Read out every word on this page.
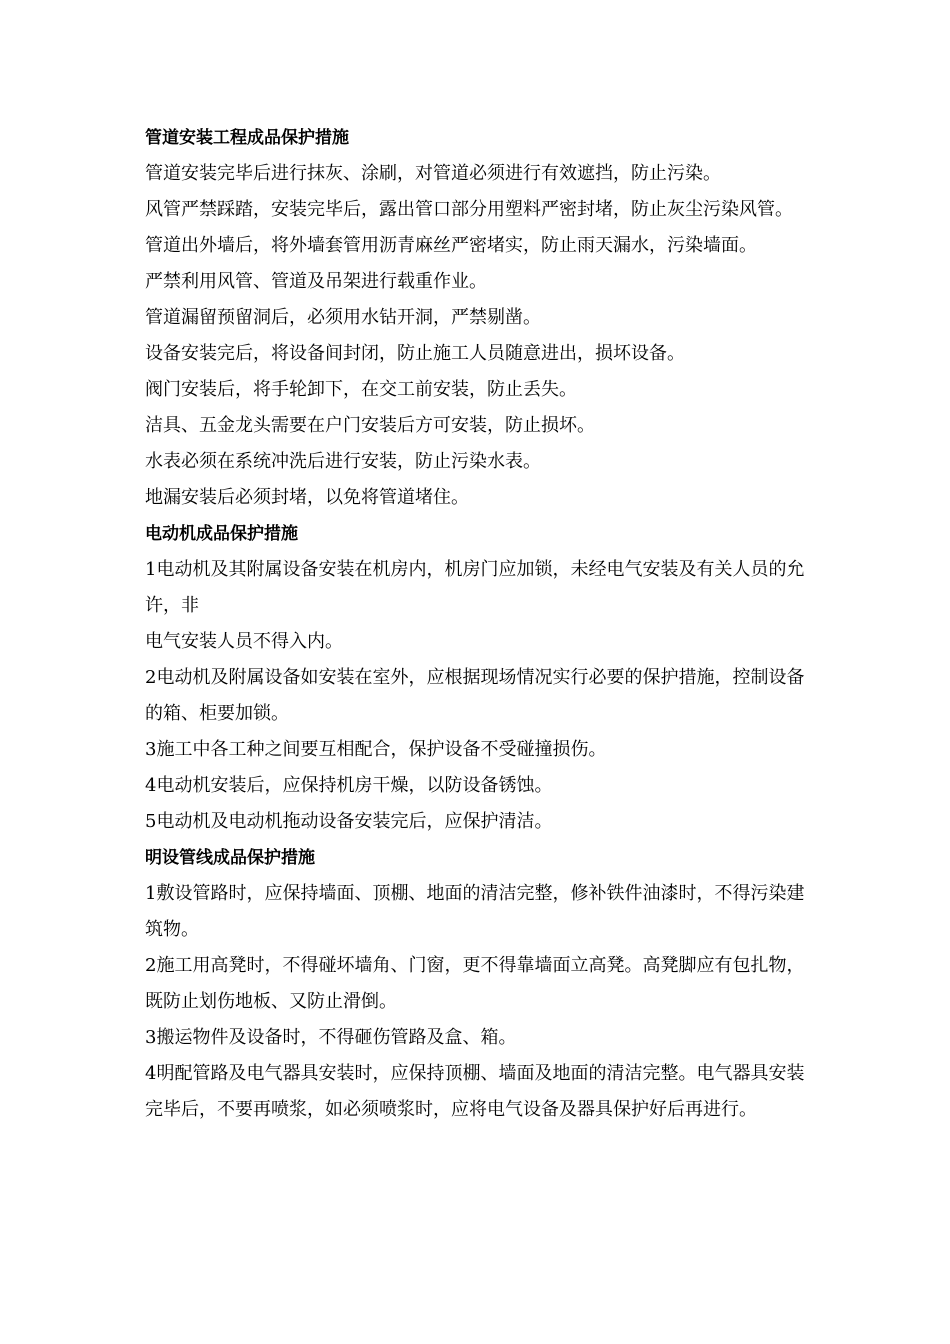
管道安装工程成品保护措施

管道安装完毕后进行抹灰、涂刷，对管道必须进行有效遮挡，防止污染。

风管严禁踩踏，安装完毕后，露出管口部分用塑料严密封堵，防止灰尘污染风管。

管道出外墙后，将外墙套管用沥青麻丝严密堵实，防止雨天漏水，污染墙面。

严禁利用风管、管道及吊架进行载重作业。

管道漏留预留洞后，必须用水钻开洞，严禁剔凿。

设备安装完后，将设备间封闭，防止施工人员随意进出，损坏设备。

阀门安装后，将手轮卸下，在交工前安装，防止丢失。

洁具、五金龙头需要在户门安装后方可安装，防止损坏。

水表必须在系统冲洗后进行安装，防止污染水表。

地漏安装后必须封堵，以免将管道堵住。

电动机成品保护措施

1电动机及其附属设备安装在机房内，机房门应加锁，未经电气安装及有关人员的允许，非

电气安装人员不得入内。

2电动机及附属设备如安装在室外，应根据现场情况实行必要的保护措施，控制设备的箱、柜要加锁。

3施工中各工种之间要互相配合，保护设备不受碰撞损伤。

4电动机安装后，应保持机房干燥，以防设备锈蚀。

5电动机及电动机拖动设备安装完后，应保护清洁。

明设管线成品保护措施

1敷设管路时，应保持墙面、顶棚、地面的清洁完整，修补铁件油漆时，不得污染建筑物。

2施工用高凳时，不得碰坏墙角、门窗，更不得靠墙面立高凳。高凳脚应有包扎物，既防止划伤地板、又防止滑倒。

3搬运物件及设备时，不得砸伤管路及盒、箱。

4明配管路及电气器具安装时，应保持顶棚、墙面及地面的清洁完整。电气器具安装完毕后，不要再喷浆，如必须喷浆时，应将电气设备及器具保护好后再进行。
